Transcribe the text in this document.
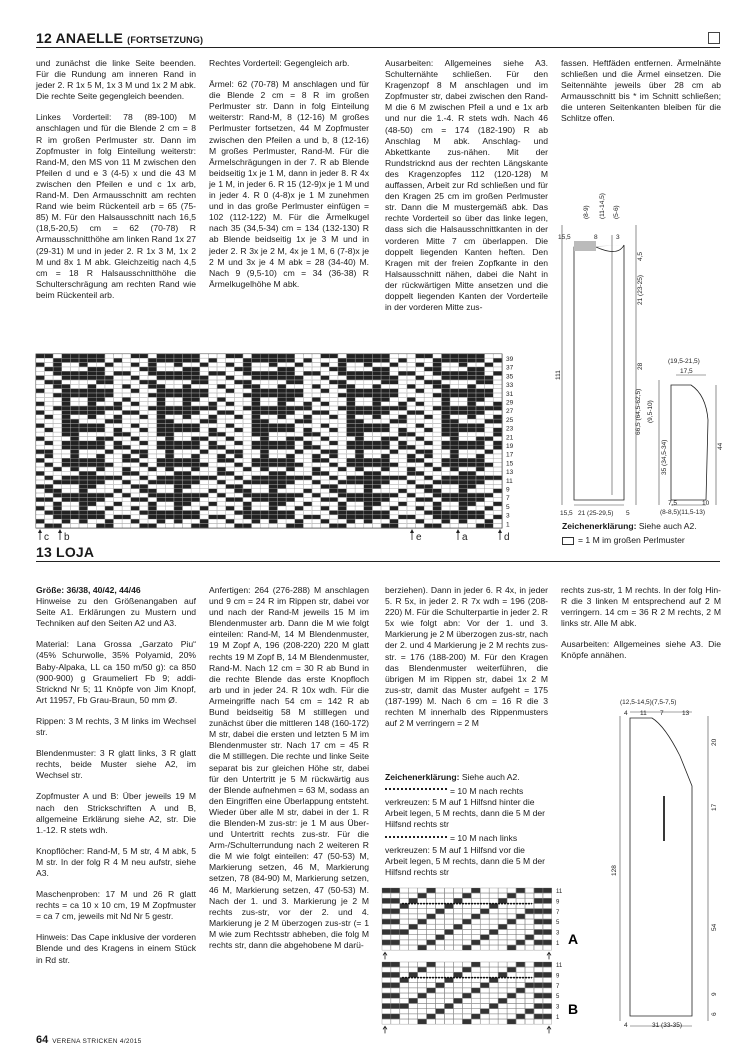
12 ANAELLE (FORTSETZUNG)

und zunächst die linke Seite beenden. Für die Rundung am inneren Rand in jeder 2. R 1x 5 M, 1x 3 M und 1x 2 M abk. Die rechte Seite gegengleich beenden.

Linkes Vorderteil: 78 (89-100) M anschlagen und für die Blende 2 cm = 8 R im großen Perlmuster str. Dann im Zopfmuster in folg Einteilung weiterstr: Rand-M, den MS von 11 M zwischen den Pfeilen d und e 3 (4-5) x und die 43 M zwischen den Pfeilen e und c 1x arb, Rand-M. Den Armausschnitt am rechten Rand wie beim Rückenteil arb = 65 (75-85) M. Für den Halsausschnitt nach 16,5 (18,5-20,5) cm = 62 (70-78) R Armausschnitthöhe am linken Rand 1x 27 (29-31) M und in jeder 2. R 1x 3 M, 1x 2 M und 8x 1 M abk. Gleichzeitig nach 4,5 cm = 18 R Halsausschnitthöhe die Schulterschrägung am rechten Rand wie beim Rückenteil arb.

Rechtes Vorderteil: Gegengleich arb.

Ärmel: 62 (70-78) M anschlagen und für die Blende 2 cm = 8 R im großen Perlmuster str. Dann in folg Einteilung weiterstr: Rand-M, 8 (12-16) M großes Perlmuster fortsetzen, 44 M Zopfmuster zwischen den Pfeilen a und b, 8 (12-16) M großes Perlmuster, Rand-M. Für die Ärmelschrägungen in der 7. R ab Blende beidseitig 1x je 1 M, dann in jeder 8. R 4x je 1 M, in jeder 6. R 15 (12-9)x je 1 M und in jeder 4. R 0 (4-8)x je 1 M zunehmen und in das große Perlmuster einfügen = 102 (112-122) M. Für die Ärmelkugel nach 35 (34,5-34) cm = 134 (132-130) R ab Blende beidseitig 1x je 3 M und in jeder 2. R 3x je 2 M, 4x je 1 M, 6 (7-8)x je 2 M und 3x je 4 M abk = 28 (34-40) M. Nach 9 (9,5-10) cm = 34 (36-38) R Ärmelkugelhöhe M abk.

Ausarbeiten: Allgemeines siehe A3. Schulternähte schließen. Für den Kragenzopf 8 M anschlagen und im Zopfmuster str, dabei zwischen den Rand-M die 6 M zwischen Pfeil a und e 1x arb und nur die 1.-4. R stets wdh. Nach 46 (48-50) cm = 174 (182-190) R ab Anschlag M abk. Anschlag- und Abkettkante zus-nähen. Mit der Rundstricknd aus der rechten Längskante des Kragenzopfes 112 (120-128) M auffassen, Arbeit zur Rd schließen und für den Kragen 25 cm im großen Perlmuster str. Dann die M mustergemäß abk. Das rechte Vorderteil so über das linke legen, dass sich die Halsausschnittkanten in der vorderen Mitte 7 cm überlappen. Die doppelt liegenden Kanten heften. Den Kragen mit der freien Zopfkante in den Halsausschnitt nähen, dabei die Naht in der rückwärtigen Mitte ansetzen und die doppelt liegenden Kanten der Vorderteile in der vorderen Mitte zus-

fassen. Heftfäden entfernen. Ärmelnähte schließen und die Ärmel einsetzen. Die Seitennähte jeweils über 28 cm ab Armausschnitt bis * im Schnitt schließen; die unteren Seitenkanten bleiben für die Schlitze offen.

39
37
35
33
31
29
27
25
23
21
19
17
15
13
11
9
7
5
3
1
c b	e	a	d
(8-9) (11-14,5) (5-6)
15,5	8	3
4,5
21 (23-25)
28
111
15,5 21 (25-29,5) 5
(19,5-21,5)
17,5
(9,5-10)
66,5 (64,5-62,5)
35 (34,5-34)	44
7,5	10
(8-8,5)(11,5-13)
Zeichenerklärung: Siehe auch A2.
= 1 M im großen Perlmuster
13 LOJA

Größe: 36/38, 40/42, 44/46

Hinweise zu den Größenangaben auf Seite A1. Erklärungen zu Mustern und Techniken auf den Seiten A2 und A3.

Material: Lana Grossa „Garzato Piu“ (45% Schurwolle, 35% Polyamid, 20% Baby-Alpaka, LL ca 150 m/50 g): ca 850 (900-900) g Graumeliert Fb 9; addi-Stricknd Nr 5; 11 Knöpfe von Jim Knopf, Art 11957, Fb Grau-Braun, 50 mm Ø.

Rippen: 3 M rechts, 3 M links im Wechsel str.

Blendenmuster: 3 R glatt links, 3 R glatt rechts, beide Muster siehe A2, im Wechsel str.

Zopfmuster A und B: Über jeweils 19 M nach den Strickschriften A und B, allgemeine Erklärung siehe A2, str. Die 1.-12. R stets wdh.

Knopflöcher: Rand-M, 5 M str, 4 M abk, 5 M str. In der folg R 4 M neu aufstr, siehe A3.

Maschenproben: 17 M und 26 R glatt rechts = ca 10 x 10 cm, 19 M Zopfmuster = ca 7 cm, jeweils mit Nd Nr 5 gestr.

Hinweis: Das Cape inklusive der vorderen Blende und des Kragens in einem Stück in Rd str.

Anfertigen: 264 (276-288) M anschlagen und 9 cm = 24 R im Rippen str, dabei vor und nach der Rand-M jeweils 15 M im Blendenmuster arb. Dann die M wie folgt einteilen: Rand-M, 14 M Blendenmuster, 19 M Zopf A, 196 (208-220) 220 M glatt rechts 19 M Zopf B, 14 M Blendenmuster, Rand-M. Nach 12 cm = 30 R ab Bund in die rechte Blende das erste Knopfloch arb und in jeder 24. R 10x wdh. Für die Armeingriffe nach 54 cm = 142 R ab Bund beidseitig 58 M stilllegen und zunächst über die mittleren 148 (160-172) M str, dabei die ersten und letzten 5 M im Blendenmuster str. Nach 17 cm = 45 R die M stilllegen. Die rechte und linke Seite separat bis zur gleichen Höhe str, dabei für den Untertritt je 5 M rückwärtig aus der Blende aufnehmen = 63 M, sodass an den Eingriffen eine Überlappung entsteht. Wieder über alle M str, dabei in der 1. R die Blenden-M zus-str: je 1 M aus Über- und Untertritt rechts zus-str. Für die Arm-/Schulterrundung nach 2 weiteren R die M wie folgt einteilen: 47 (50-53) M, Markierung setzen, 46 M, Markierung setzen, 78 (84-90) M, Markierung setzen, 46 M, Markierung setzen, 47 (50-53) M. Nach der 1. und 3. Markierung je 2 M rechts zus-str, vor der 2. und 4. Markierung je 2 M überzogen zus-str (= 1 M wie zum Rechtsstr abheben, die folg M rechts str, dann die abgehobene M darü-

berziehen). Dann in jeder 6. R 4x, in jeder 5. R 5x, in jeder 2. R 7x wdh = 196 (208-220) M. Für die Schulterpartie in jeder 2. R 5x wie folgt abn: Vor der 1. und 3. Markierung je 2 M überzogen zus-str, nach der 2. und 4 Markierung je 2 M rechts zus-str. = 176 (188-200) M. Für den Kragen das Blendenmuster weiterführen, die übrigen M im Rippen str, dabei 1x 2 M zus-str, damit das Muster aufgeht = 175 (187-199) M. Nach 6 cm = 16 R die 3 rechten M innerhalb des Rippenmusters auf 2 M verringern = 2 M

Zeichenerklärung: Siehe auch A2.
= 10 M nach rechts verkreuzen: 5 M auf 1 Hilfsnd hinter die Arbeit legen, 5 M rechts, dann die 5 M der Hilfsnd rechts str
= 10 M nach links verkreuzen: 5 M auf 1 Hilfsnd vor die Arbeit legen, 5 M rechts, dann die 5 M der Hilfsnd rechts str
11
9
7
5
3
1
11
9
7
5
3
1
A
B

rechts zus-str, 1 M rechts. In der folg Hin-R die 3 linken M entsprechend auf 2 M verringern. 14 cm = 36 R 2 M rechts, 2 M links str. Alle M abk.

Ausarbeiten: Allgemeines siehe A3. Die Knöpfe annähen.

(12,5-14,5)(7,5-7,5)
4 11 7	13
20
17
128
54
9
6
4	31 (33-35)
64 VERENA STRICKEN 4/2015
